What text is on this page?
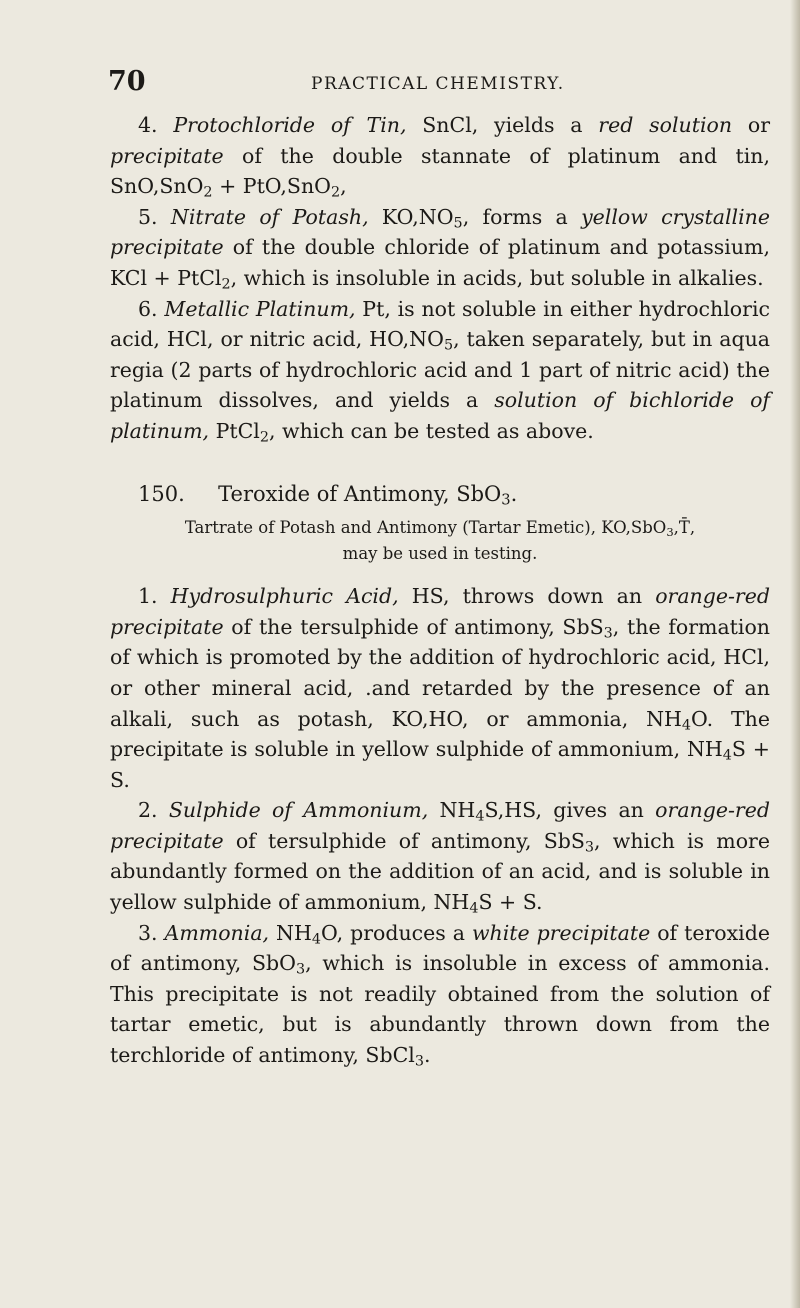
70	PRACTICAL CHEMISTRY.

4. Protochloride of Tin, SnCl, yields a red solution or precipitate of the double stannate of platinum and tin, SnO,SnO$_2$ + PtO,SnO$_2$,

5. Nitrate of Potash, $KO,NO_5$, forms a yellow crystalline precipitate of the double chloride of platinum and potassium, KCl + PtCl$_2$, which is insoluble in acids, but soluble in alkalies.

6. Metallic Platinum, Pt, is not soluble in either hydrochloric acid, HCl, or nitric acid, $HO,NO_5$, taken separately, but in aqua regia (2 parts of hydrochloric acid and 1 part of nitric acid) the platinum dissolves, and yields a solution of bichloride of platinum, PtCl$_2$, which can be tested as above.

150. Teroxide of Antimony, SbO$_3$.
Tartrate of Potash and Antimony (Tartar Emetic), KO,SbO$_3$,T̄,
may be used in testing.

1. Hydrosulphuric Acid, HS, throws down an orange-red precipitate of the tersulphide of antimony, SbS$_3$, the formation of which is promoted by the addition of hydrochloric acid, HCl, or other mineral acid, .and retarded by the presence of an alkali, such as potash, KO,HO, or ammonia, $NH_4O$. The precipitate is soluble in yellow sulphide of ammonium, $NH_4S + S$.

2. Sulphide of Ammonium, $NH_4S,HS$, gives an orange-red precipitate of tersulphide of antimony, SbS$_3$, which is more abundantly formed on the addition of an acid, and is soluble in yellow sulphide of ammonium, $NH_4S + S$.

3. Ammonia, $NH_4O$, produces a white precipitate of teroxide of antimony, SbO$_3$, which is insoluble in excess of ammonia. This precipitate is not readily obtained from the solution of tartar emetic, but is abundantly thrown down from the terchloride of antimony, SbCl$_3$.
